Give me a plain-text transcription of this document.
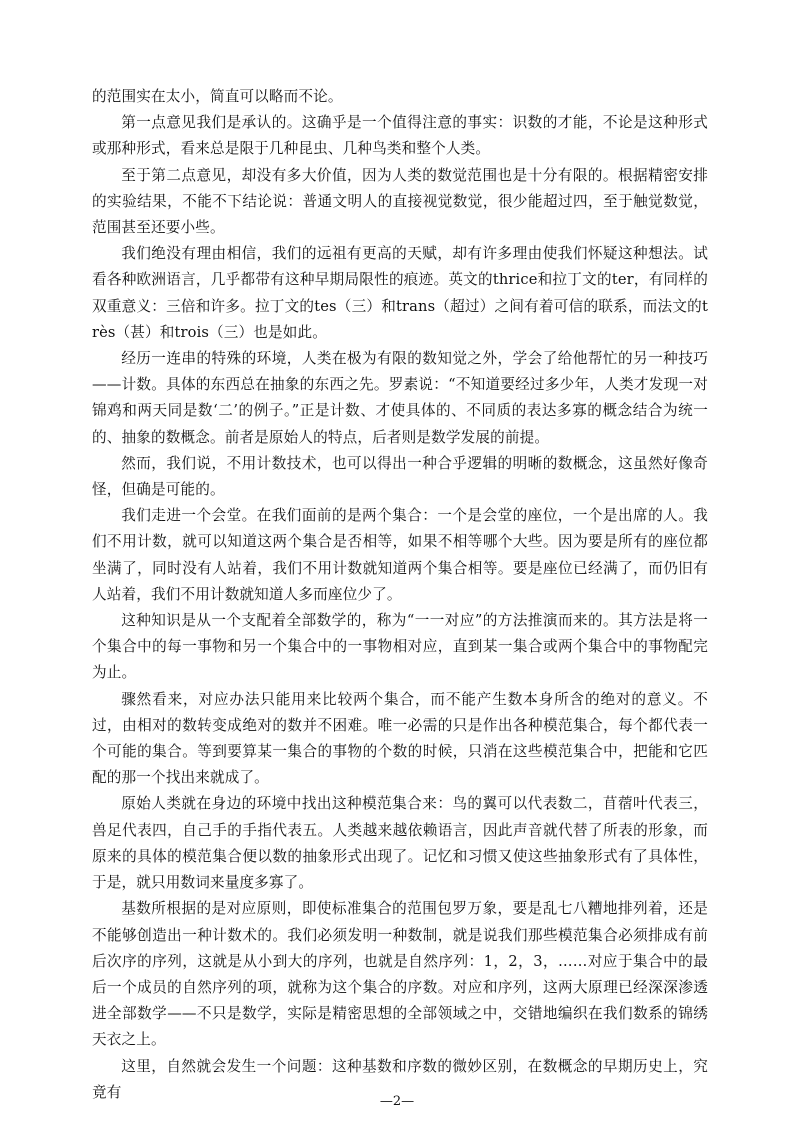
的范围实在太小，简直可以略而不论。

第一点意见我们是承认的。这确乎是一个值得注意的事实：识数的才能，不论是这种形式或那种形式，看来总是限于几种昆虫、几种鸟类和整个人类。

至于第二点意见，却没有多大价值，因为人类的数觉范围也是十分有限的。根据精密安排的实验结果，不能不下结论说：普通文明人的直接视觉数觉，很少能超过四，至于触觉数觉，范围甚至还要小些。

我们绝没有理由相信，我们的远祖有更高的天赋，却有许多理由使我们怀疑这种想法。试看各种欧洲语言，几乎都带有这种早期局限性的痕迹。英文的thrice和拉丁文的ter，有同样的双重意义：三倍和许多。拉丁文的tes（三）和trans（超过）之间有着可信的联系，而法文的très（甚）和trois（三）也是如此。

经历一连串的特殊的环境，人类在极为有限的数知觉之外，学会了给他帮忙的另一种技巧——计数。具体的东西总在抽象的东西之先。罗素说：“不知道要经过多少年，人类才发现一对锦鸡和两天同是数‘二’的例子。”正是计数、才使具体的、不同质的表达多寡的概念结合为统一的、抽象的数概念。前者是原始人的特点，后者则是数学发展的前提。

然而，我们说，不用计数技术，也可以得出一种合乎逻辑的明晰的数概念，这虽然好像奇怪，但确是可能的。

我们走进一个会堂。在我们面前的是两个集合：一个是会堂的座位，一个是出席的人。我们不用计数，就可以知道这两个集合是否相等，如果不相等哪个大些。因为要是所有的座位都坐满了，同时没有人站着，我们不用计数就知道两个集合相等。要是座位已经满了，而仍旧有人站着，我们不用计数就知道人多而座位少了。

这种知识是从一个支配着全部数学的，称为“一一对应”的方法推演而来的。其方法是将一个集合中的每一事物和另一个集合中的一事物相对应，直到某一集合或两个集合中的事物配完为止。

骤然看来，对应办法只能用来比较两个集合，而不能产生数本身所含的绝对的意义。不过，由相对的数转变成绝对的数并不困难。唯一必需的只是作出各种模范集合，每个都代表一个可能的集合。等到要算某一集合的事物的个数的时候，只消在这些模范集合中，把能和它匹配的那一个找出来就成了。

原始人类就在身边的环境中找出这种模范集合来：鸟的翼可以代表数二，苜蓿叶代表三，兽足代表四，自己手的手指代表五。人类越来越依赖语言，因此声音就代替了所表的形象，而原来的具体的模范集合便以数的抽象形式出现了。记忆和习惯又使这些抽象形式有了具体性，于是，就只用数词来量度多寡了。

基数所根据的是对应原则，即使标准集合的范围包罗万象，要是乱七八糟地排列着，还是不能够创造出一种计数术的。我们必须发明一种数制，就是说我们那些模范集合必须排成有前后次序的序列，这就是从小到大的序列，也就是自然序列：1，2，3，……对应于集合中的最后一个成员的自然序列的项，就称为这个集合的序数。对应和序列，这两大原理已经深深渗透进全部数学——不只是数学，实际是精密思想的全部领域之中，交错地编织在我们数系的锦绣天衣之上。

这里，自然就会发生一个问题：这种基数和序数的微妙区别，在数概念的早期历史上，究竟有

—2—
